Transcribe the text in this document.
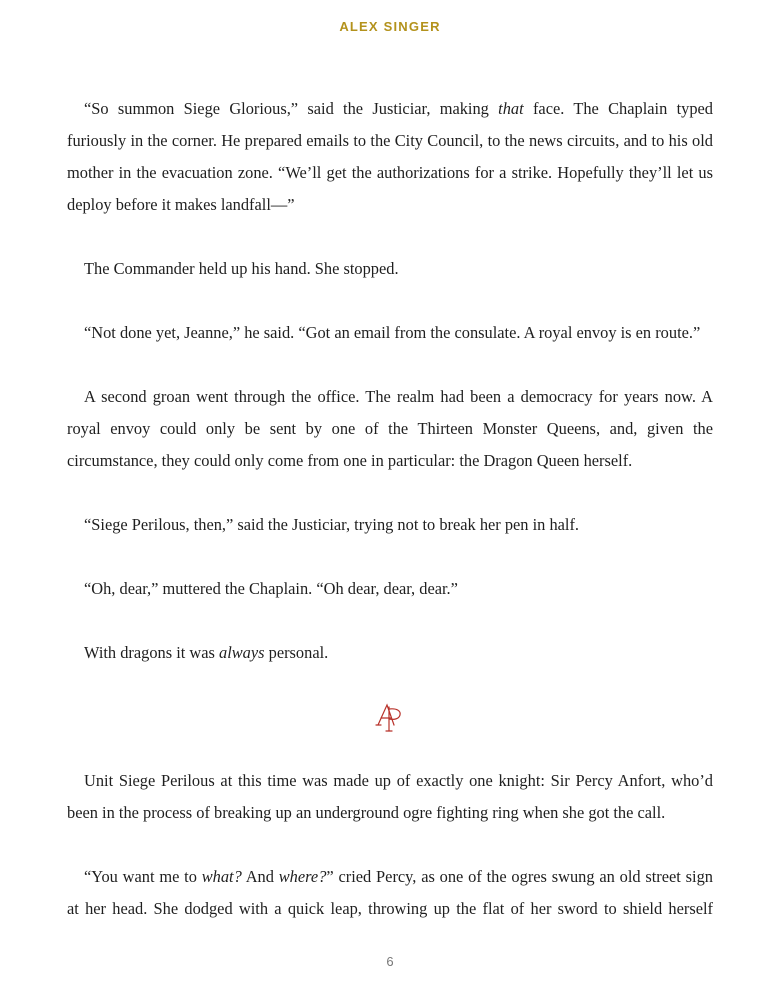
ALEX SINGER

“So summon Siege Glorious,” said the Justiciar, making that face. The Chaplain typed furiously in the corner. He prepared emails to the City Council, to the news circuits, and to his old mother in the evacuation zone. “We’ll get the authorizations for a strike. Hopefully they’ll let us deploy before it makes landfall—”

The Commander held up his hand. She stopped.

“Not done yet, Jeanne,” he said. “Got an email from the consulate. A royal envoy is en route.”

A second groan went through the office. The realm had been a democracy for years now. A royal envoy could only be sent by one of the Thirteen Monster Queens, and, given the circumstance, they could only come from one in particular: the Dragon Queen herself.

“Siege Perilous, then,” said the Justiciar, trying not to break her pen in half.

“Oh, dear,” muttered the Chaplain. “Oh dear, dear, dear.”

With dragons it was always personal.

Unit Siege Perilous at this time was made up of exactly one knight: Sir Percy Anfort, who’d been in the process of breaking up an underground ogre fighting ring when she got the call.

“You want me to what? And where?” cried Percy, as one of the ogres swung an old street sign at her head. She dodged with a quick leap, throwing up the flat of her sword to shield herself

6
